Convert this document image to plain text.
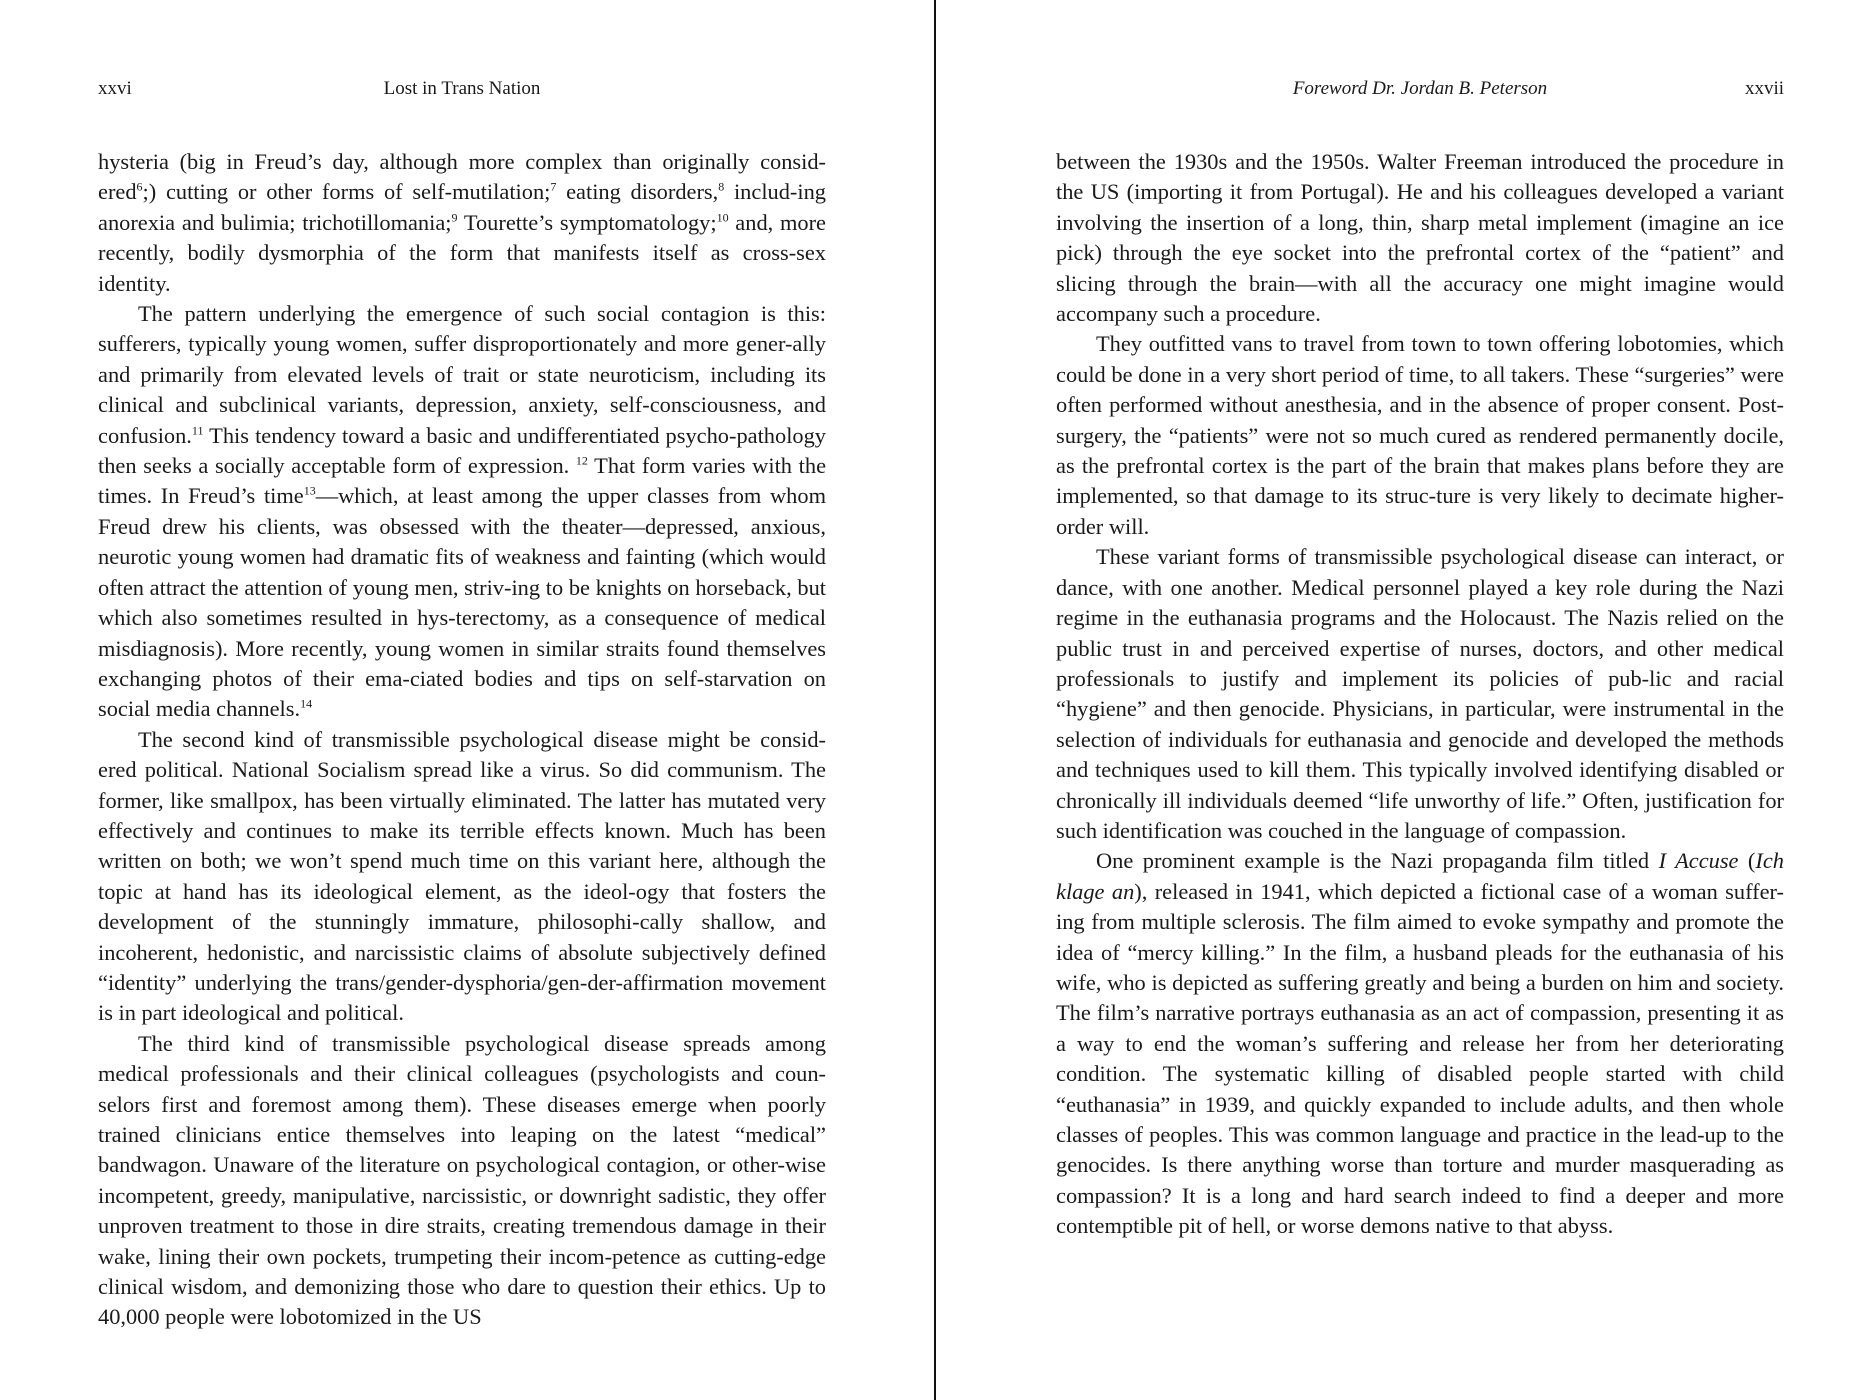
xxvi	Lost in Trans Nation

hysteria (big in Freud’s day, although more complex than originally consid-ered$^6$;) cutting or other forms of self-mutilation;$^7$ eating disorders,$^8$ includ-ing anorexia and bulimia; trichotillomania;$^9$ Tourette’s symptomatology;$^{10}$ and, more recently, bodily dysmorphia of the form that manifests itself as cross-sex identity.

The pattern underlying the emergence of such social contagion is this: sufferers, typically young women, suffer disproportionately and more gener-ally and primarily from elevated levels of trait or state neuroticism, including its clinical and subclinical variants, depression, anxiety, self-consciousness, and confusion.$^{11}$ This tendency toward a basic and undifferentiated psycho-pathology then seeks a socially acceptable form of expression. $^{12}$ That form varies with the times. In Freud’s time$^{13}$—which, at least among the upper classes from whom Freud drew his clients, was obsessed with the theater—depressed, anxious, neurotic young women had dramatic fits of weakness and fainting (which would often attract the attention of young men, striv-ing to be knights on horseback, but which also sometimes resulted in hys-terectomy, as a consequence of medical misdiagnosis). More recently, young women in similar straits found themselves exchanging photos of their ema-ciated bodies and tips on self-starvation on social media channels.$^{14}$

The second kind of transmissible psychological disease might be consid-ered political. National Socialism spread like a virus. So did communism. The former, like smallpox, has been virtually eliminated. The latter has mutated very effectively and continues to make its terrible effects known. Much has been written on both; we won’t spend much time on this variant here, although the topic at hand has its ideological element, as the ideol-ogy that fosters the development of the stunningly immature, philosophi-cally shallow, and incoherent, hedonistic, and narcissistic claims of absolute subjectively defined “identity” underlying the trans/gender-dysphoria/gen-der-affirmation movement is in part ideological and political.

The third kind of transmissible psychological disease spreads among medical professionals and their clinical colleagues (psychologists and coun-selors first and foremost among them). These diseases emerge when poorly trained clinicians entice themselves into leaping on the latest “medical” bandwagon. Unaware of the literature on psychological contagion, or other-wise incompetent, greedy, manipulative, narcissistic, or downright sadistic, they offer unproven treatment to those in dire straits, creating tremendous damage in their wake, lining their own pockets, trumpeting their incom-petence as cutting-edge clinical wisdom, and demonizing those who dare to question their ethics. Up to 40,000 people were lobotomized in the US

Foreword Dr. Jordan B. Peterson	xxvii

between the 1930s and the 1950s. Walter Freeman introduced the procedure in the US (importing it from Portugal). He and his colleagues developed a variant involving the insertion of a long, thin, sharp metal implement (imagine an ice pick) through the eye socket into the prefrontal cortex of the “patient” and slicing through the brain—with all the accuracy one might imagine would accompany such a procedure.

They outfitted vans to travel from town to town offering lobotomies, which could be done in a very short period of time, to all takers. These “surgeries” were often performed without anesthesia, and in the absence of proper consent. Post-surgery, the “patients” were not so much cured as rendered permanently docile, as the prefrontal cortex is the part of the brain that makes plans before they are implemented, so that damage to its struc-ture is very likely to decimate higher-order will.

These variant forms of transmissible psychological disease can interact, or dance, with one another. Medical personnel played a key role during the Nazi regime in the euthanasia programs and the Holocaust. The Nazis relied on the public trust in and perceived expertise of nurses, doctors, and other medical professionals to justify and implement its policies of pub-lic and racial “hygiene” and then genocide. Physicians, in particular, were instrumental in the selection of individuals for euthanasia and genocide and developed the methods and techniques used to kill them. This typically involved identifying disabled or chronically ill individuals deemed “life unworthy of life.” Often, justification for such identification was couched in the language of compassion.

One prominent example is the Nazi propaganda film titled I Accuse (Ich klage an), released in 1941, which depicted a fictional case of a woman suffer-ing from multiple sclerosis. The film aimed to evoke sympathy and promote the idea of “mercy killing.” In the film, a husband pleads for the euthanasia of his wife, who is depicted as suffering greatly and being a burden on him and society. The film’s narrative portrays euthanasia as an act of compassion, presenting it as a way to end the woman’s suffering and release her from her deteriorating condition. The systematic killing of disabled people started with child “euthanasia” in 1939, and quickly expanded to include adults, and then whole classes of peoples. This was common language and practice in the lead-up to the genocides. Is there anything worse than torture and murder masquerading as compassion? It is a long and hard search indeed to find a deeper and more contemptible pit of hell, or worse demons native to that abyss.
